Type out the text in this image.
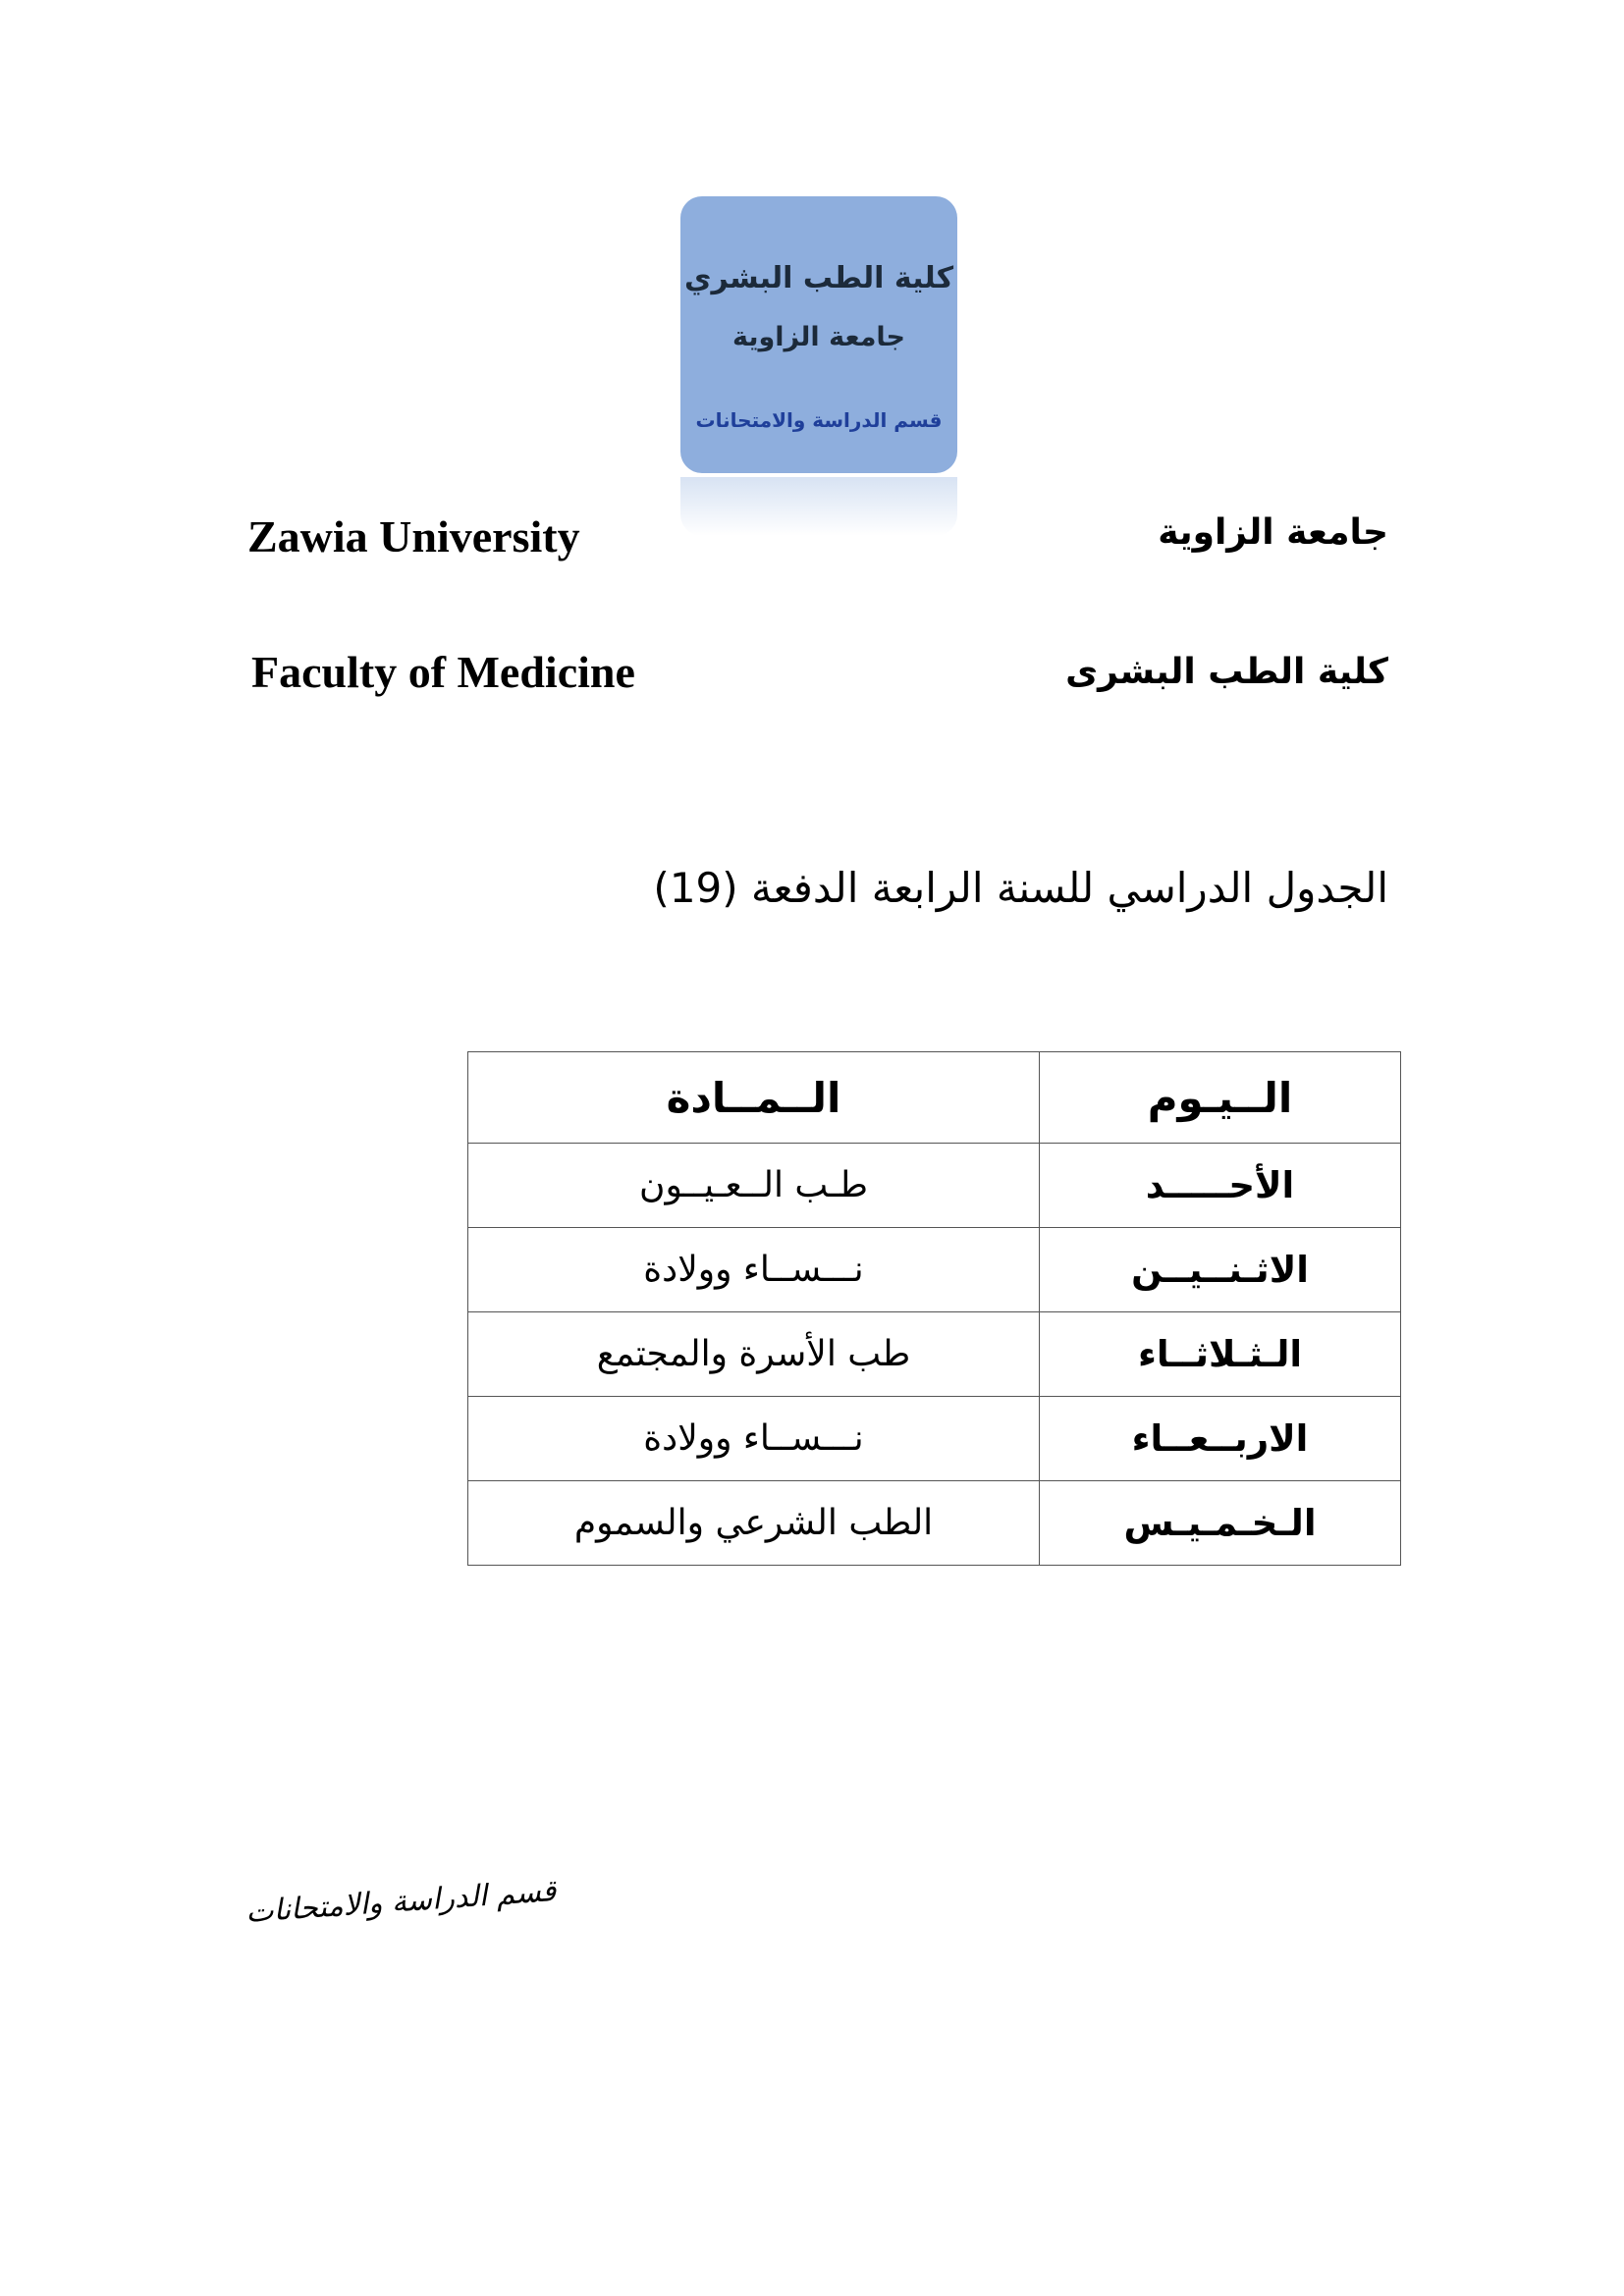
كلية الطب البشري
جامعة الزاوية
قسم الدراسة والامتحانات
Zawia University	جامعة الزاوية
Faculty of Medicine	كلية الطب البشرى
الجدول الدراسي للسنة الرابعة الدفعة (19)
الــيـوم	الــمــادة
الأحـــــد	طـب الــعـيــون
الاثـنــيــن	نـــســاء وولادة
الـثـلاثــاء	طب الأسرة والمجتمع
الاربــعــاء	نـــســاء وولادة
الـخـمـيـس	الطب الشرعي والسموم
قسم الدراسة والامتحانات
